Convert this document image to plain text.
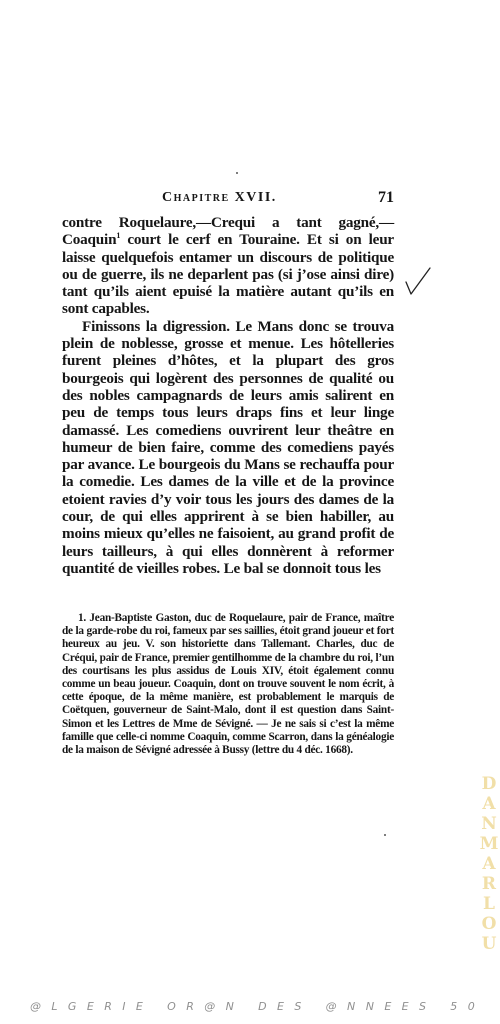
Chapitre XVII.	71

contre Roquelaure,—Crequi a tant gagné,—Coaquin$^1$ court le cerf en Touraine. Et si on leur laisse quelquefois entamer un discours de politique ou de guerre, ils ne deparlent pas (si j’ose ainsi dire) tant qu’ils aient epuisé la matière autant qu’ils en sont capables.

Finissons la digression. Le Mans donc se trouva plein de noblesse, grosse et menue. Les hôtelleries furent pleines d’hôtes, et la plupart des gros bourgeois qui logèrent des personnes de qualité ou des nobles campagnards de leurs amis salirent en peu de temps tous leurs draps fins et leur linge damassé. Les comediens ouvrirent leur theâtre en humeur de bien faire, comme des comediens payés par avance. Le bourgeois du Mans se rechauffa pour la comedie. Les dames de la ville et de la province etoient ravies d’y voir tous les jours des dames de la cour, de qui elles apprirent à se bien habiller, au moins mieux qu’elles ne faisoient, au grand profit de leurs tailleurs, à qui elles donnèrent à reformer quantité de vieilles robes. Le bal se donnoit tous les

1. Jean-Baptiste Gaston, duc de Roquelaure, pair de France, maître de la garde-robe du roi, fameux par ses saillies, étoit grand joueur et fort heureux au jeu. V. son historiette dans Tallemant. Charles, duc de Créqui, pair de France, premier gentilhomme de la chambre du roi, l’un des courtisans les plus assidus de Louis XIV, étoit également connu comme un beau joueur. Coaquin, dont on trouve souvent le nom écrit, à cette époque, de la même manière, est probablement le marquis de Coëtquen, gouverneur de Saint-Malo, dont il est question dans Saint-Simon et les Lettres de Mme de Sévigné. — Je ne sais si c’est la même famille que celle-ci nomme Coaquin, comme Scarron, dans la généalogie de la maison de Sévigné adressée à Bussy (lettre du 4 déc. 1668).

DANMARLOU
@LGERIE OR@N DES @NNEES 50
